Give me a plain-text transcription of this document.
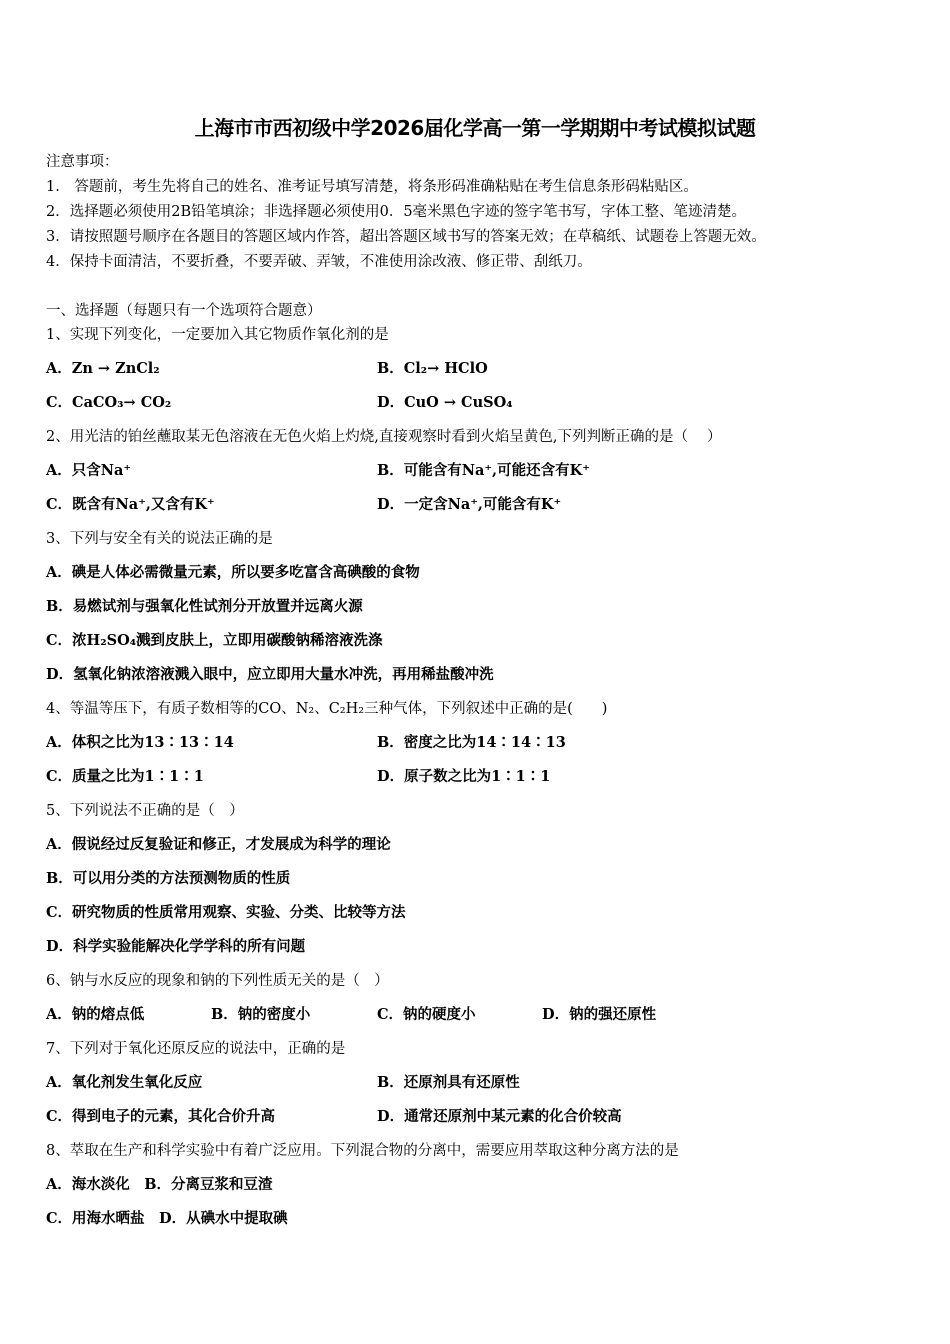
上海市市西初级中学2026届化学高一第一学期期中考试模拟试题
注意事项：
1.　答题前，考生先将自己的姓名、准考证号填写清楚，将条形码准确粘贴在考生信息条形码粘贴区。
2．选择题必须使用2B铅笔填涂；非选择题必须使用0．5毫米黑色字迹的签字笔书写，字体工整、笔迹清楚。
3．请按照题号顺序在各题目的答题区域内作答，超出答题区域书写的答案无效；在草稿纸、试题卷上答题无效。
4．保持卡面清洁，不要折叠，不要弄破、弄皱，不准使用涂改液、修正带、刮纸刀。
一、选择题（每题只有一个选项符合题意）
1、实现下列变化，一定要加入其它物质作氧化剂的是
A．Zn → ZnCl₂	B．Cl₂→ HClO
C．CaCO₃→ CO₂	D．CuO → CuSO₄
2、用光洁的铂丝蘸取某无色溶液在无色火焰上灼烧,直接观察时看到火焰呈黄色,下列判断正确的是（　 ）
A．只含Na⁺	B．可能含有Na⁺,可能还含有K⁺
C．既含有Na⁺,又含有K⁺	D．一定含Na⁺,可能含有K⁺
3、下列与安全有关的说法正确的是
A．碘是人体必需微量元素，所以要多吃富含高碘酸的食物
B．易燃试剂与强氧化性试剂分开放置并远离火源
C．浓H₂SO₄溅到皮肤上，立即用碳酸钠稀溶液洗涤
D．氢氧化钠浓溶液溅入眼中，应立即用大量水冲洗，再用稀盐酸冲洗
4、等温等压下，有质子数相等的CO、N₂、C₂H₂三种气体，下列叙述中正确的是(　　)
A．体积之比为13∶13∶14	B．密度之比为14∶14∶13
C．质量之比为1∶1∶1	D．原子数之比为1∶1∶1
5、下列说法不正确的是（　）
A．假说经过反复验证和修正，才发展成为科学的理论
B．可以用分类的方法预测物质的性质
C．研究物质的性质常用观察、实验、分类、比较等方法
D．科学实验能解决化学学科的所有问题
6、钠与水反应的现象和钠的下列性质无关的是（　）
A．钠的熔点低	B．钠的密度小	C．钠的硬度小	D．钠的强还原性
7、下列对于氧化还原反应的说法中，正确的是
A．氧化剂发生氧化反应	B．还原剂具有还原性
C．得到电子的元素，其化合价升高	D．通常还原剂中某元素的化合价较高
8、萃取在生产和科学实验中有着广泛应用。下列混合物的分离中，需要应用萃取这种分离方法的是
A．海水淡化　B．分离豆浆和豆渣
C．用海水晒盐　D．从碘水中提取碘
